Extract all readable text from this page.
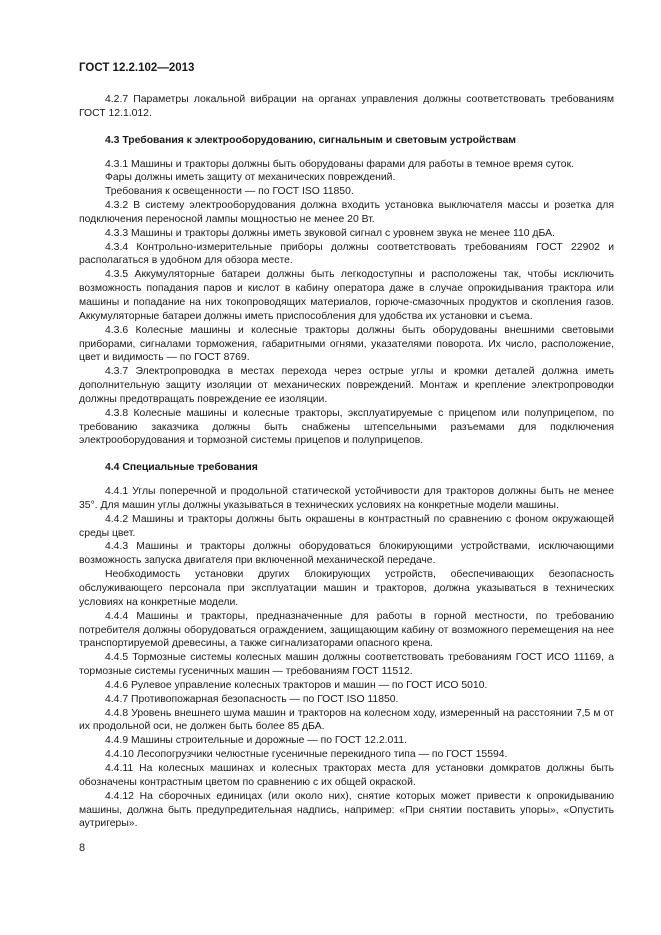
ГОСТ 12.2.102—2013
4.2.7 Параметры локальной вибрации на органах управления должны соответствовать требованиям ГОСТ 12.1.012.
4.3 Требования к электрооборудованию, сигнальным и световым устройствам
4.3.1 Машины и тракторы должны быть оборудованы фарами для работы в темное время суток.
Фары должны иметь защиту от механических повреждений.
Требования к освещенности — по ГОСТ ISO 11850.
4.3.2 В систему электрооборудования должна входить установка выключателя массы и розетка для подключения переносной лампы мощностью не менее 20 Вт.
4.3.3 Машины и тракторы должны иметь звуковой сигнал с уровнем звука не менее 110 дБА.
4.3.4 Контрольно-измерительные приборы должны соответствовать требованиям ГОСТ 22902 и располагаться в удобном для обзора месте.
4.3.5 Аккумуляторные батареи должны быть легкодоступны и расположены так, чтобы исключить возможность попадания паров и кислот в кабину оператора даже в случае опрокидывания трактора или машины и попадание на них токопроводящих материалов, горюче-смазочных продуктов и скопления газов. Аккумуляторные батареи должны иметь приспособления для удобства их установки и съема.
4.3.6 Колесные машины и колесные тракторы должны быть оборудованы внешними световыми приборами, сигналами торможения, габаритными огнями, указателями поворота. Их число, расположение, цвет и видимость — по ГОСТ 8769.
4.3.7 Электропроводка в местах перехода через острые углы и кромки деталей должна иметь дополнительную защиту изоляции от механических повреждений. Монтаж и крепление электропроводки должны предотвращать повреждение ее изоляции.
4.3.8 Колесные машины и колесные тракторы, эксплуатируемые с прицепом или полуприцепом, по требованию заказчика должны быть снабжены штепсельными разъемами для подключения электрооборудования и тормозной системы прицепов и полуприцепов.
4.4 Специальные требования
4.4.1 Углы поперечной и продольной статической устойчивости для тракторов должны быть не менее 35°. Для машин углы должны указываться в технических условиях на конкретные модели машины.
4.4.2 Машины и тракторы должны быть окрашены в контрастный по сравнению с фоном окружающей среды цвет.
4.4.3 Машины и тракторы должны оборудоваться блокирующими устройствами, исключающими возможность запуска двигателя при включенной механической передаче.
Необходимость установки других блокирующих устройств, обеспечивающих безопасность обслуживающего персонала при эксплуатации машин и тракторов, должна указываться в технических условиях на конкретные модели.
4.4.4 Машины и тракторы, предназначенные для работы в горной местности, по требованию потребителя должны оборудоваться ограждением, защищающим кабину от возможного перемещения на нее транспортируемой древесины, а также сигнализаторами опасного крена.
4.4.5 Тормозные системы колесных машин должны соответствовать требованиям ГОСТ ИСО 11169, а тормозные системы гусеничных машин — требованиям ГОСТ 11512.
4.4.6 Рулевое управление колесных тракторов и машин — по ГОСТ ИСО 5010.
4.4.7 Противопожарная безопасность — по ГОСТ ISO 11850.
4.4.8 Уровень внешнего шума машин и тракторов на колесном ходу, измеренный на расстоянии 7,5 м от их продольной оси, не должен быть более 85 дБА.
4.4.9 Машины строительные и дорожные — по ГОСТ 12.2.011.
4.4.10 Лесопогрузчики челюстные гусеничные перекидного типа — по ГОСТ 15594.
4.4.11 На колесных машинах и колесных тракторах места для установки домкратов должны быть обозначены контрастным цветом по сравнению с их общей окраской.
4.4.12 На сборочных единицах (или около них), снятие которых может привести к опрокидыванию машины, должна быть предупредительная надпись, например: «При снятии поставить упоры», «Опустить аутригеры».
8
